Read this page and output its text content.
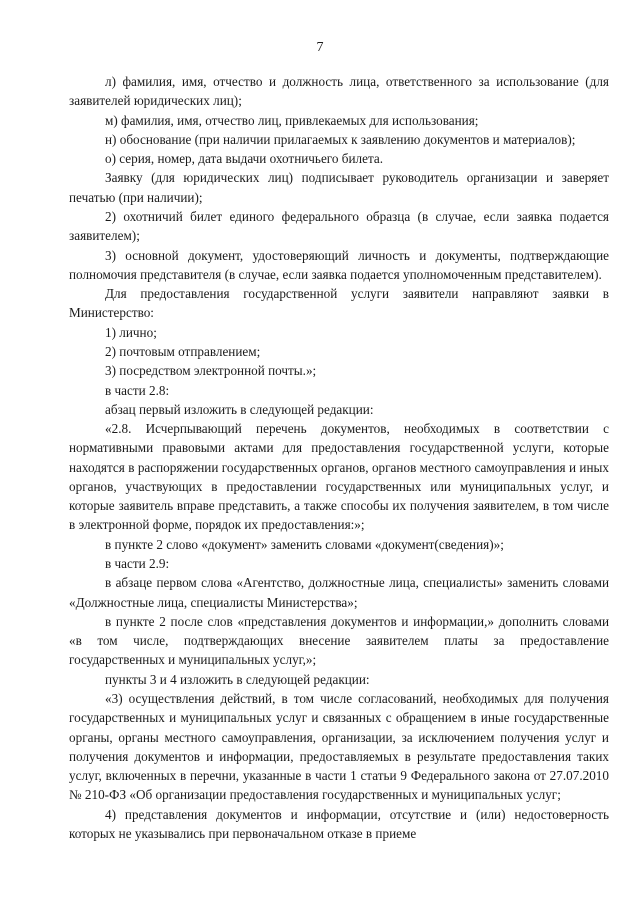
7

л) фамилия, имя, отчество и должность лица, ответственного за использование (для заявителей юридических лиц);

м) фамилия, имя, отчество лиц, привлекаемых для использования;

н) обоснование (при наличии прилагаемых к заявлению документов и материалов);

о) серия, номер, дата выдачи охотничьего билета.

Заявку (для юридических лиц) подписывает руководитель организации и заверяет печатью (при наличии);

2) охотничий билет единого федерального образца (в случае, если заявка подается заявителем);

3) основной документ, удостоверяющий личность и документы, подтверждающие полномочия представителя (в случае, если заявка подается уполномоченным представителем).

Для предоставления государственной услуги заявители направляют заявки в Министерство:

1) лично;

2) почтовым отправлением;

3) посредством электронной почты.»;

в части 2.8:

абзац первый изложить в следующей редакции:

«2.8. Исчерпывающий перечень документов, необходимых в соответствии с нормативными правовыми актами для предоставления государственной услуги, которые находятся в распоряжении государственных органов, органов местного самоуправления и иных органов, участвующих в предоставлении государственных или муниципальных услуг, и которые заявитель вправе представить, а также способы их получения заявителем, в том числе в электронной форме, порядок их предоставления:»;

в пункте 2 слово «документ» заменить словами «документ(сведения)»;

в части 2.9:

в абзаце первом слова «Агентство, должностные лица, специалисты» заменить словами «Должностные лица, специалисты Министерства»;

в пункте 2 после слов «представления документов и информации,» дополнить словами «в том числе, подтверждающих внесение заявителем платы за предоставление государственных и муниципальных услуг,»;

пункты 3 и 4 изложить в следующей редакции:

«3) осуществления действий, в том числе согласований, необходимых для получения государственных и муниципальных услуг и связанных с обращением в иные государственные органы, органы местного самоуправления, организации, за исключением получения услуг и получения документов и информации, предоставляемых в результате предоставления таких услуг, включенных в перечни, указанные в части 1 статьи 9 Федерального закона от 27.07.2010 № 210-ФЗ «Об организации предоставления государственных и муниципальных услуг;

4) представления документов и информации, отсутствие и (или) недостоверность которых не указывались при первоначальном отказе в приеме
